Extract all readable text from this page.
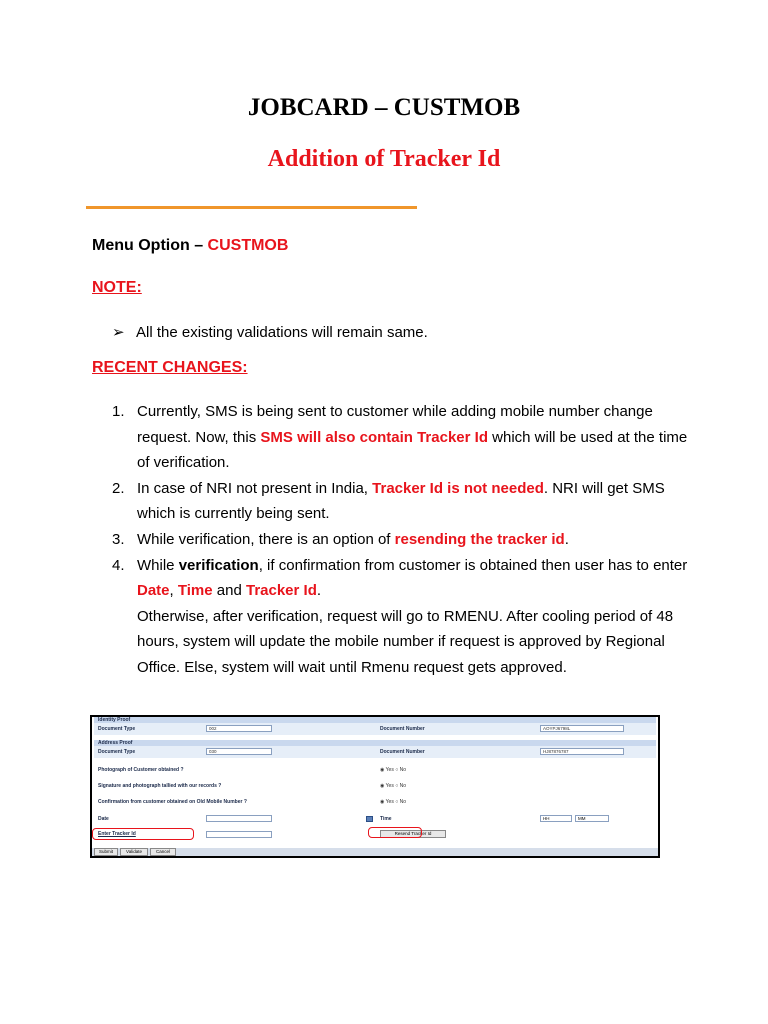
JOBCARD – CUSTMOB
Addition of Tracker Id
Menu Option – CUSTMOB
NOTE:
➢ All the existing validations will remain same.
RECENT CHANGES:
1. Currently, SMS is being sent to customer while adding mobile number change request. Now, this SMS will also contain Tracker Id which will be used at the time of verification.
2. In case of NRI not present in India, Tracker Id is not needed. NRI will get SMS which is currently being sent.
3. While verification, there is an option of resending the tracker id.
4. While verification, if confirmation from customer is obtained then user has to enter Date, Time and Tracker Id.
Otherwise, after verification, request will go to RMENU. After cooling period of 48 hours, system will update the mobile number if request is approved by Regional Office. Else, system will wait until Rmenu request gets approved.
Identity Proof
Document Type	002	Document Number	AOYPJ6798L
Address Proof
Document Type	030	Document Number	HJ87876787
Photograph of Customer obtained ?	◉ Yes ○ No
Signature and photograph tallied with our records ?	◉ Yes ○ No
Confirmation from customer obtained on Old Mobile Number ?	◉ Yes ○ No
Date	Time	HH	MM
Enter Tracker Id	Resend Tracker Id
Submit	Validate	Cancel
